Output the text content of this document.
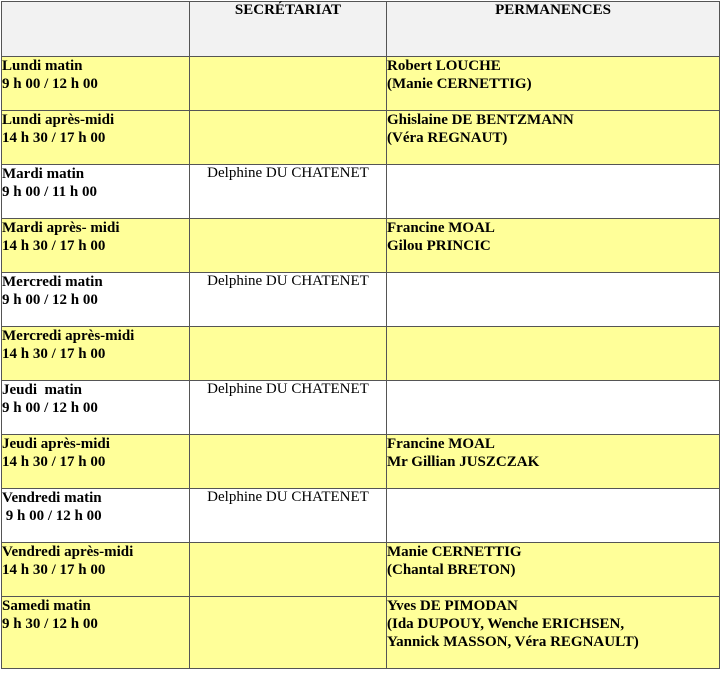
	SECRÉTARIAT	PERMANENCES

Lundi matin
9 h 00 / 12 h 00		Robert LOUCHE
(Manie CERNETTIG)

Lundi après-midi
14 h 30 / 17 h 00		Ghislaine DE BENTZMANN
(Véra REGNAUT)

Mardi matin
9 h 00 / 11 h 00	Delphine DU CHATENET	

Mardi après- midi
14 h 30 / 17 h 00		Francine MOAL
Gilou PRINCIC

Mercredi matin
9 h 00 / 12 h 00	Delphine DU CHATENET	

Mercredi après-midi
14 h 30 / 17 h 00		

Jeudi  matin
9 h 00 / 12 h 00	Delphine DU CHATENET	

Jeudi après-midi
14 h 30 / 17 h 00		Francine MOAL
Mr Gillian JUSZCZAK

Vendredi matin
9 h 00 / 12 h 00	Delphine DU CHATENET	

Vendredi après-midi
14 h 30 / 17 h 00		Manie CERNETTIG
(Chantal BRETON)

Samedi matin
9 h 30 / 12 h 00		Yves DE PIMODAN
(Ida DUPOUY, Wenche ERICHSEN,
Yannick MASSON, Véra REGNAULT)
